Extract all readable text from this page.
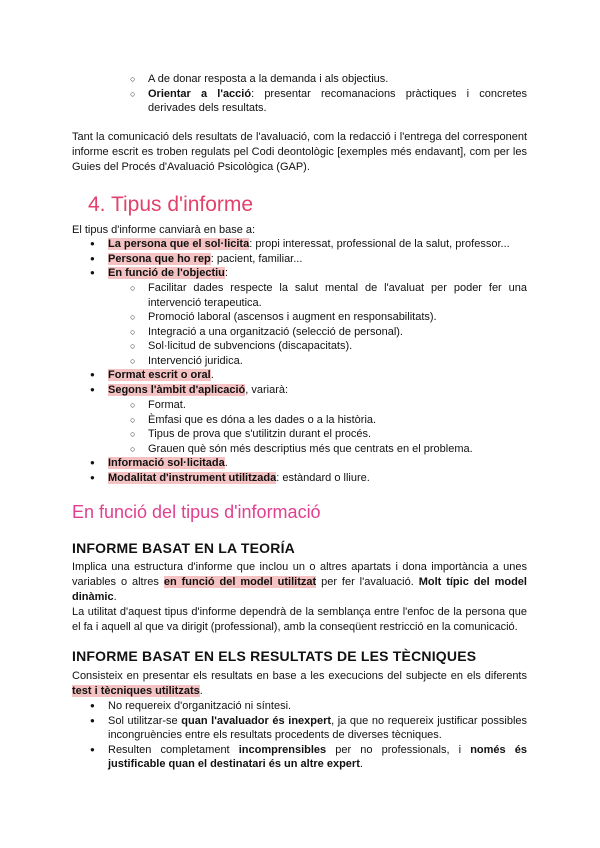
○ A de donar resposta a la demanda i als objectius.
○ Orientar a l'acció: presentar recomanacions pràctiques i concretes derivades dels resultats.

Tant la comunicació dels resultats de l'avaluació, com la redacció i l'entrega del corresponent informe escrit es troben regulats pel Codi deontològic [exemples més endavant], com per les Guies del Procés d'Avaluació Psicològica (GAP).

4. Tipus d'informe

El tipus d'informe canviarà en base a:

● La persona que el sol·licita: propi interessat, professional de la salut, professor...
● Persona que ho rep: pacient, familiar...
● En funció de l'objectiu:
○ Facilitar dades respecte la salut mental de l'avaluat per poder fer una intervenció terapeutica.
○ Promoció laboral (ascensos i augment en responsabilitats).
○ Integració a una organització (selecció de personal).
○ Sol·licitud de subvencions (discapacitats).
○ Intervenció juridica.
● Format escrit o oral.
● Segons l'àmbit d'aplicació, variarà:
○ Format.
○ Èmfasi que es dóna a les dades o a la història.
○ Tipus de prova que s'utilitzin durant el procés.
○ Grauen què són més descriptius més que centrats en el problema.
● Informació sol·licitada.
● Modalitat d'instrument utilitzada: estàndard o lliure.
En funció del tipus d'informació
INFORME BASAT EN LA TEORÍA

Implica una estructura d'informe que inclou un o altres apartats i dona importància a unes variables o altres en funció del model utilitzat per fer l'avaluació. Molt típic del model dinàmic.

La utilitat d'aquest tipus d'informe dependrà de la semblança entre l'enfoc de la persona que el fa i aquell al que va dirigit (professional), amb la conseqüent restricció en la comunicació.

INFORME BASAT EN ELS RESULTATS DE LES TÈCNIQUES

Consisteix en presentar els resultats en base a les execucions del subjecte en els diferents test i tècniques utilitzats.

● No requereix d'organització ni síntesi.
● Sol utilitzar-se quan l'avaluador és inexpert, ja que no requereix justificar possibles incongruències entre els resultats procedents de diverses tècniques.
● Resulten completament incomprensibles per no professionals, i només és justificable quan el destinatari és un altre expert.
